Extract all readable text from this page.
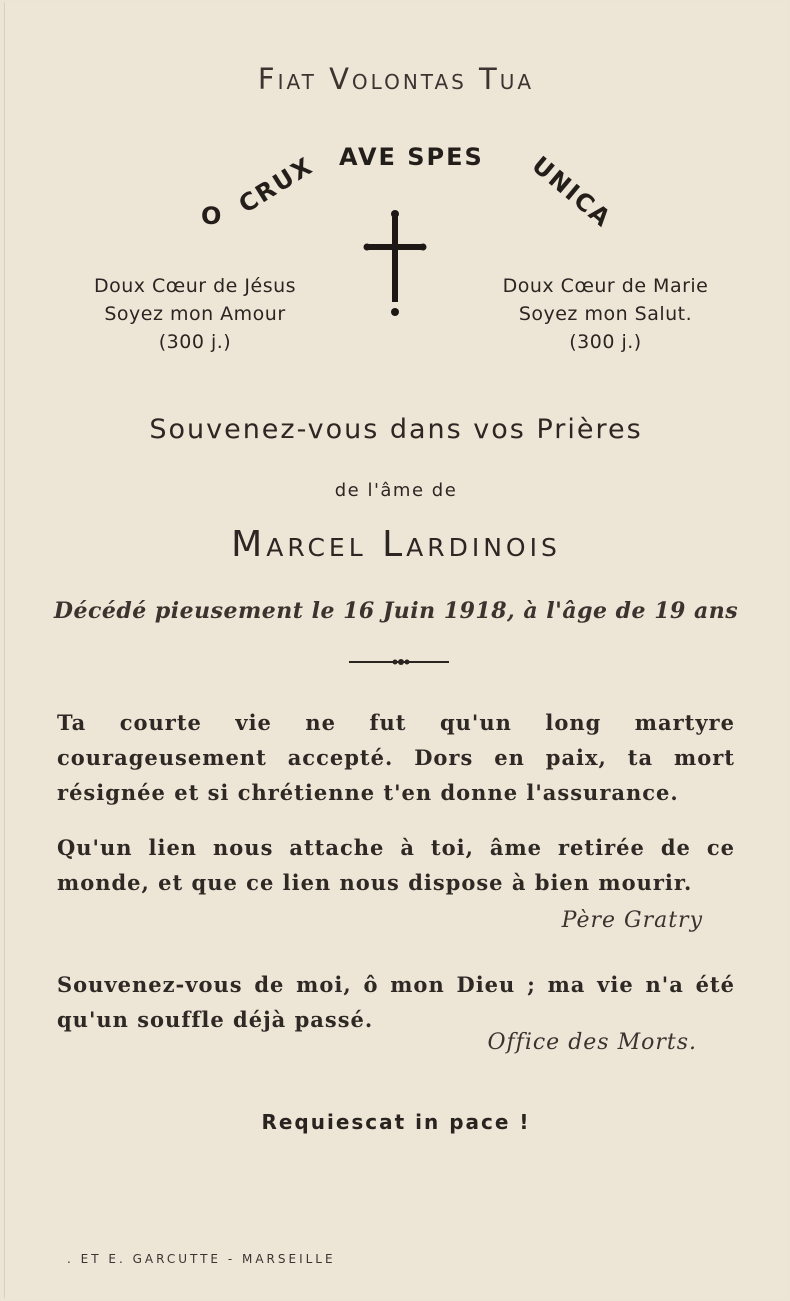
Fiat Volontas Tua

O CRUX AVE SPES UNICA
Doux Cœur de Jésus
Soyez mon Amour
(300 j.)
Doux Cœur de Marie
Soyez mon Salut.
(300 j.)

Souvenez-vous dans vos Prières

de l'âme de

Marcel Lardinois

Décédé pieusement le 16 Juin 1918, à l'âge de 19 ans

Ta courte vie ne fut qu'un long martyre courageusement accepté. Dors en paix, ta mort résignée et si chrétienne t'en donne l'assurance.

Qu'un lien nous attache à toi, âme retirée de ce monde, et que ce lien nous dispose à bien mourir.

Père Gratry

Souvenez-vous de moi, ô mon Dieu ; ma vie n'a été qu'un souffle déjà passé.

Office des Morts.

Requiescat in pace !

. ET E. GARCUTTE - MARSEILLE
